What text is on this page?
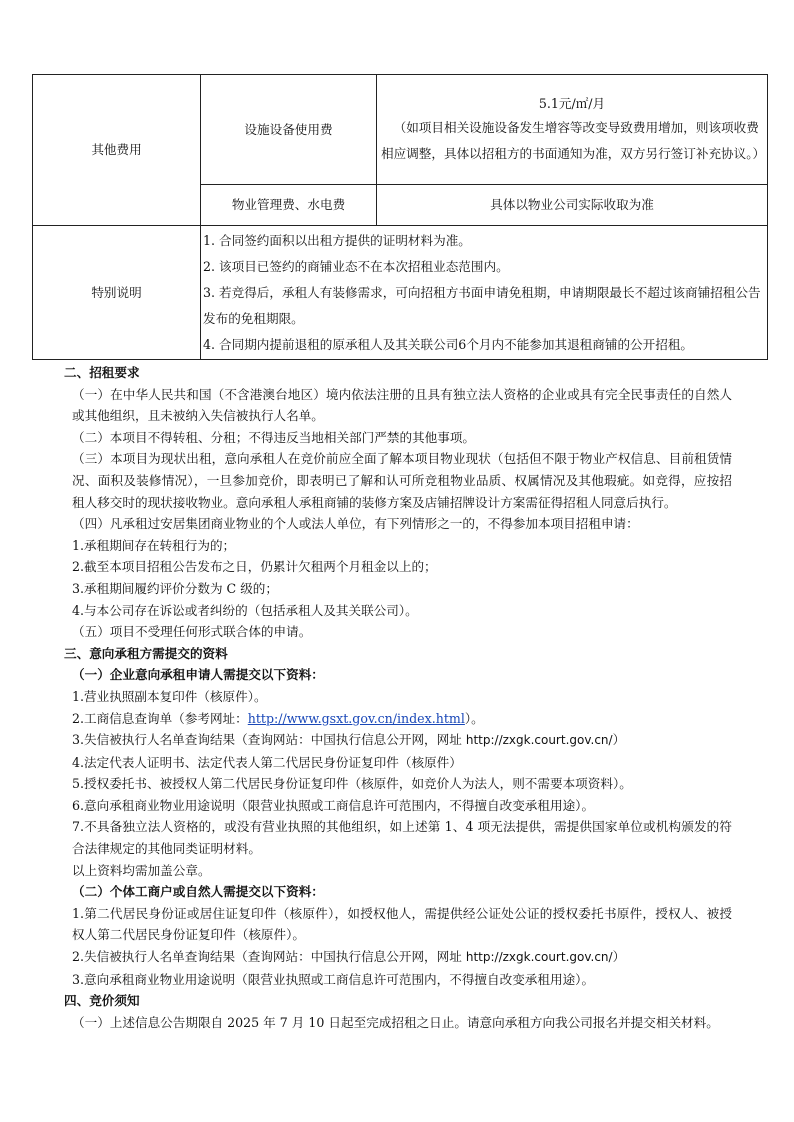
其他费用	设施设备使用费	5.1元/㎡/月
（如项目相关设施设备发生增容等改变导致费用增加，则该项收费相应调整，具体以招租方的书面通知为准，双方另行签订补充协议。）

	物业管理费、水电费	具体以物业公司实际收取为准
特别说明	1. 合同签约面积以出租方提供的证明材料为准。

2. 该项目已签约的商铺业态不在本次招租业态范围内。

3. 若竞得后，承租人有装修需求，可向招租方书面申请免租期，申请期限最长不超过该商铺招租公告发布的免租期限。

4. 合同期内提前退租的原承租人及其关联公司6个月内不能参加其退租商铺的公开招租。	

二、招租要求

（一）在中华人民共和国（不含港澳台地区）境内依法注册的且具有独立法人资格的企业或具有完全民事责任的自然人或其他组织，且未被纳入失信被执行人名单。

（二）本项目不得转租、分租；不得违反当地相关部门严禁的其他事项。

（三）本项目为现状出租，意向承租人在竞价前应全面了解本项目物业现状（包括但不限于物业产权信息、目前租赁情况、面积及装修情况），一旦参加竞价，即表明已了解和认可所竞租物业品质、权属情况及其他瑕疵。如竞得，应按招租人移交时的现状接收物业。意向承租人承租商铺的装修方案及店铺招牌设计方案需征得招租人同意后执行。

（四）凡承租过安居集团商业物业的个人或法人单位，有下列情形之一的，不得参加本项目招租申请：

1.承租期间存在转租行为的；

2.截至本项目招租公告发布之日，仍累计欠租两个月租金以上的；

3.承租期间履约评价分数为 C 级的；

4.与本公司存在诉讼或者纠纷的（包括承租人及其关联公司）。

（五）项目不受理任何形式联合体的申请。

三、意向承租方需提交的资料

（一）企业意向承租申请人需提交以下资料：

1.营业执照副本复印件（核原件）。

2.工商信息查询单（参考网址：http://www.gsxt.gov.cn/index.html）。

3.失信被执行人名单查询结果（查询网站：中国执行信息公开网，网址 http://zxgk.court.gov.cn/）

4.法定代表人证明书、法定代表人第二代居民身份证复印件（核原件）

5.授权委托书、被授权人第二代居民身份证复印件（核原件，如竞价人为法人，则不需要本项资料）。

6.意向承租商业物业用途说明（限营业执照或工商信息许可范围内，不得擅自改变承租用途）。

7.不具备独立法人资格的，或没有营业执照的其他组织，如上述第 1、4 项无法提供，需提供国家单位或机构颁发的符合法律规定的其他同类证明材料。

以上资料均需加盖公章。

（二）个体工商户或自然人需提交以下资料：

1.第二代居民身份证或居住证复印件（核原件），如授权他人，需提供经公证处公证的授权委托书原件，授权人、被授权人第二代居民身份证复印件（核原件）。

2.失信被执行人名单查询结果（查询网站：中国执行信息公开网，网址 http://zxgk.court.gov.cn/）

3.意向承租商业物业用途说明（限营业执照或工商信息许可范围内，不得擅自改变承租用途）。

四、竞价须知

（一）上述信息公告期限自 2025 年 7 月 10 日起至完成招租之日止。请意向承租方向我公司报名并提交相关材料。
